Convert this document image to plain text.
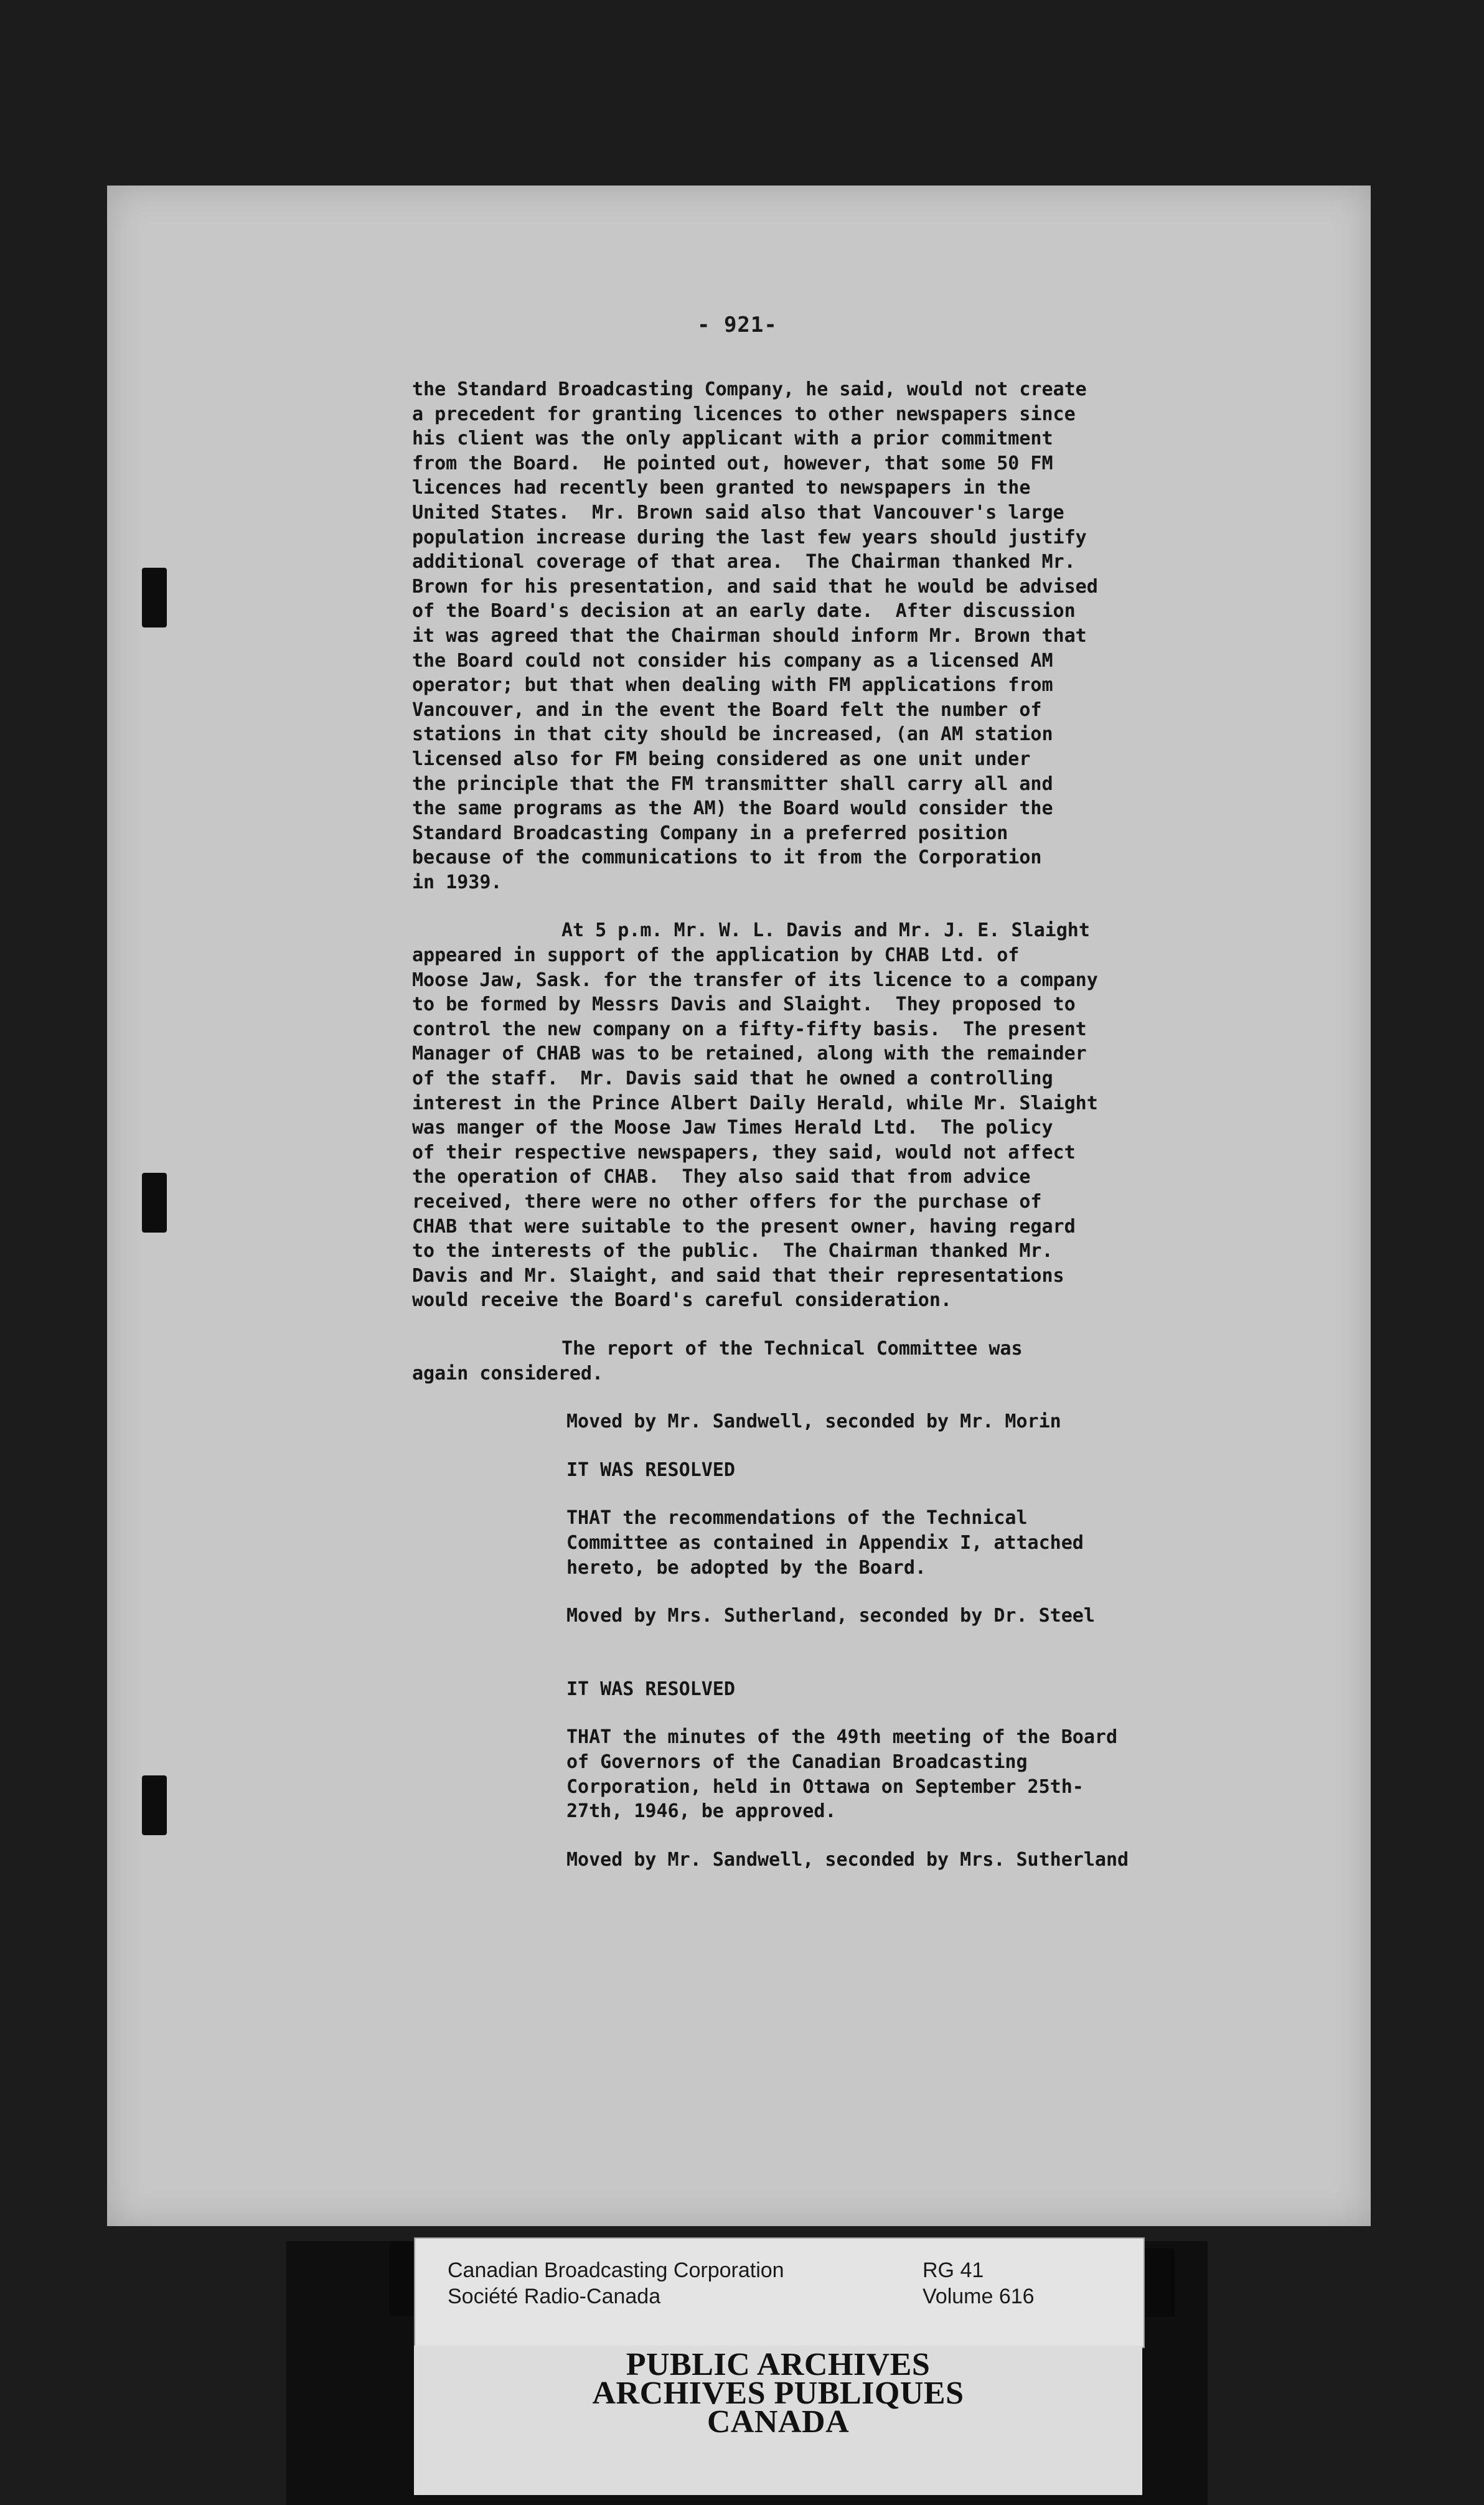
- 921-
the Standard Broadcasting Company, he said, would not create
a precedent for granting licences to other newspapers since
his client was the only applicant with a prior commitment
from the Board.  He pointed out, however, that some 50 FM
licences had recently been granted to newspapers in the
United States.  Mr. Brown said also that Vancouver's large
population increase during the last few years should justify
additional coverage of that area.  The Chairman thanked Mr.
Brown for his presentation, and said that he would be advised
of the Board's decision at an early date.  After discussion
it was agreed that the Chairman should inform Mr. Brown that
the Board could not consider his company as a licensed AM
operator; but that when dealing with FM applications from
Vancouver, and in the event the Board felt the number of
stations in that city should be increased, (an AM station
licensed also for FM being considered as one unit under
the principle that the FM transmitter shall carry all and
the same programs as the AM) the Board would consider the
Standard Broadcasting Company in a preferred position
because of the communications to it from the Corporation
in 1939.
At 5 p.m. Mr. W. L. Davis and Mr. J. E. Slaight
appeared in support of the application by CHAB Ltd. of
Moose Jaw, Sask. for the transfer of its licence to a company
to be formed by Messrs Davis and Slaight.  They proposed to
control the new company on a fifty-fifty basis.  The present
Manager of CHAB was to be retained, along with the remainder
of the staff.  Mr. Davis said that he owned a controlling
interest in the Prince Albert Daily Herald, while Mr. Slaight
was manger of the Moose Jaw Times Herald Ltd.  The policy
of their respective newspapers, they said, would not affect
the operation of CHAB.  They also said that from advice
received, there were no other offers for the purchase of
CHAB that were suitable to the present owner, having regard
to the interests of the public.  The Chairman thanked Mr.
Davis and Mr. Slaight, and said that their representations
would receive the Board's careful consideration.
The report of the Technical Committee was
again considered.
Moved by Mr. Sandwell, seconded by Mr. Morin
IT WAS RESOLVED
THAT the recommendations of the Technical
Committee as contained in Appendix I, attached
hereto, be adopted by the Board.
Moved by Mrs. Sutherland, seconded by Dr. Steel
IT WAS RESOLVED
THAT the minutes of the 49th meeting of the Board
of Governors of the Canadian Broadcasting
Corporation, held in Ottawa on September 25th-
27th, 1946, be approved.
Moved by Mr. Sandwell, seconded by Mrs. Sutherland
Canadian Broadcasting Corporation
Société Radio-Canada
RG 41
Volume 616
PUBLIC ARCHIVES
ARCHIVES PUBLIQUES
CANADA
